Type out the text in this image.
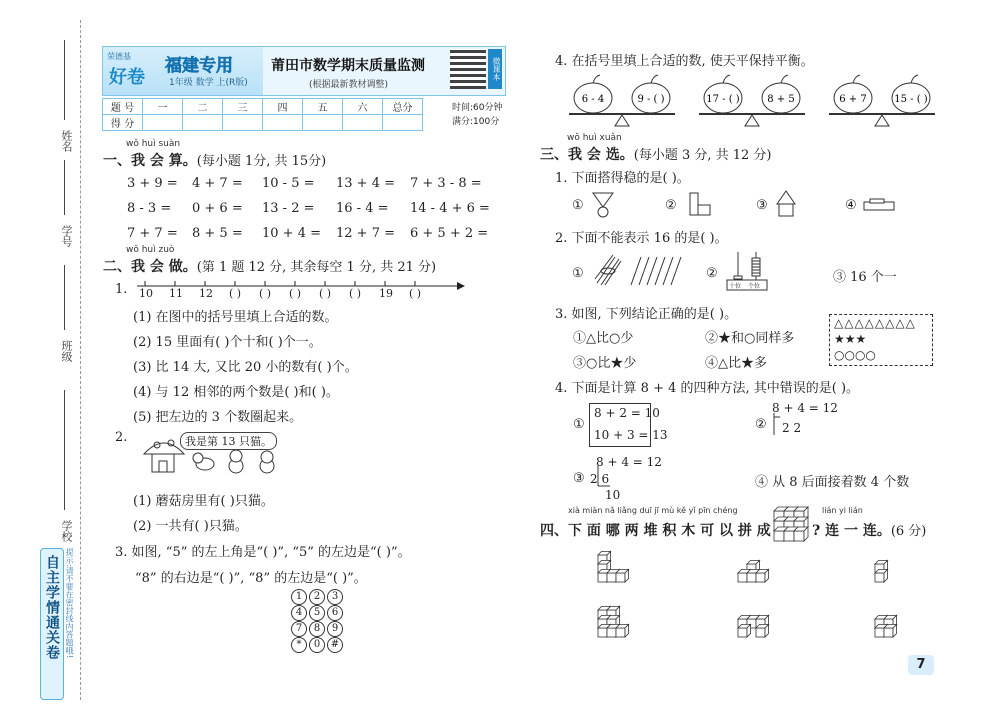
姓名
学号
班级
学校
自主学情通关卷 提示:请不要在密封线内答题哦!
荣德基
好卷
福建专用
1年级 数学 上(R版)
莆田市数学期末质量监测
(根据最新教材调整)
微课本
题 号	一	二	三	四	五	六	总分
得 分							
时间:60分钟
满分:100分
wǒ huì suàn
一、我 会 算。(每小题 1分, 共 15分)
3 + 9 = 4 + 7 = 10 - 5 = 13 + 4 = 7 + 3 - 8 =
8 - 3 = 0 + 6 = 13 - 2 = 16 - 4 = 14 - 4 + 6 =
7 + 7 = 8 + 5 = 10 + 4 = 12 + 7 = 6 + 5 + 2 =
wǒ huì zuò
二、我 会 做。(第 1 题 12 分, 其余每空 1 分, 共 21 分)
1. 10 11 12 ( ) ( ) ( ) ( ) ( ) 19 ( )
(1) 在图中的括号里填上合适的数。
(2) 15 里面有( )个十和( )个一。
(3) 比 14 大, 又比 20 小的数有( )个。
(4) 与 12 相邻的两个数是( )和( )。
(5) 把左边的 3 个数圈起来。
2.	我是第 13 只猫。
(1) 蘑菇房里有( )只猫。
(2) 一共有( )只猫。
3. 如图, “5” 的左上角是“( )”, “5” 的左边是“( )”。
“8” 的右边是“( )”, “8” 的左边是“( )”。
1 2 3
4 5 6
7 8 9
* 0 #
4. 在括号里填上合适的数, 使天平保持平衡。
6 - 4	9 - ( )	17 - ( )	8 + 5	6 + 7	15 - ( )
wǒ huì xuǎn
三、我 会 选。(每小题 3 分, 共 12 分)
1. 下面搭得稳的是( )。
①	②	③	④
2. 下面不能表示 16 的是( )。
①	②
十位 个位
③ 16 个一
3. 如图, 下列结论正确的是( )。
①△比○少	②★和○同样多
③○比★少	④△比★多
△△△△△△△△
★★★
○○○○
4. 下面是计算 8 + 4 的四种方法, 其中错误的是( )。
①
8 + 2 = 10
10 + 3 = 13
②
8 + 4 = 12
2 2
③
8 + 4 = 12
2 6
10
④ 从 8 后面接着数 4 个数
xià miàn nǎ liǎng duī jī mù kě yǐ pīn chéng
四、下 面 哪 两 堆 积 木 可 以 拼 成
lián yi lián
? 连 一 连。(6 分)
7
